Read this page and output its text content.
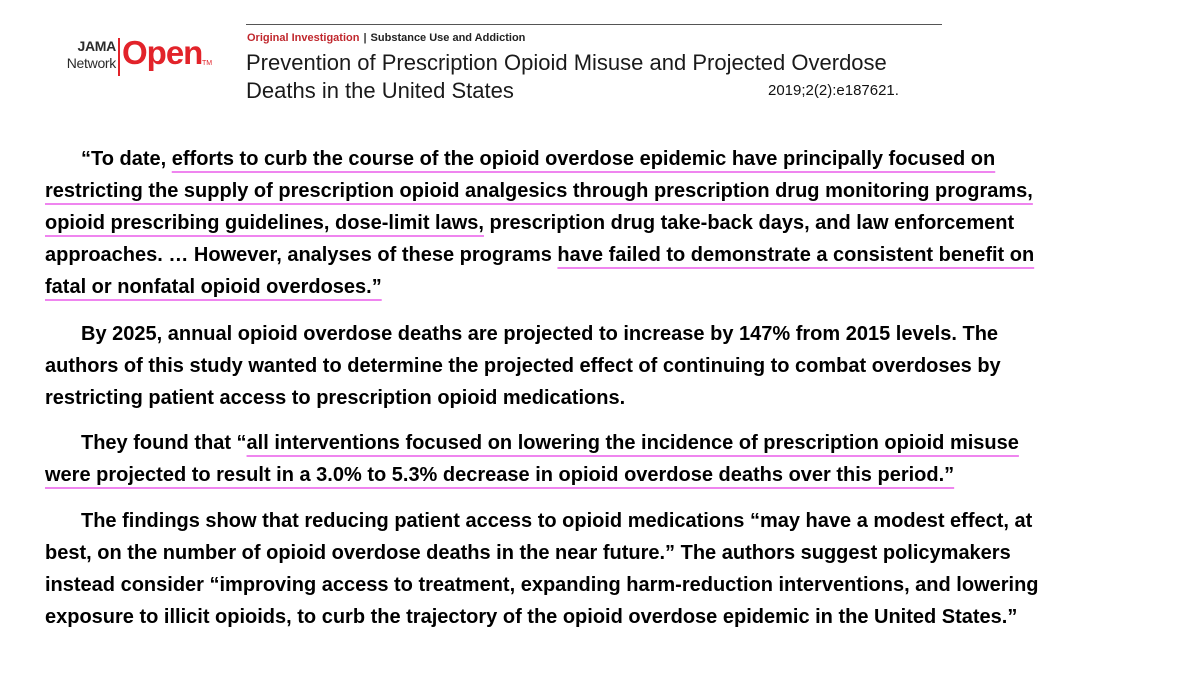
JAMA
Network Open TM
Original Investigation | Substance Use and Addiction
Prevention of Prescription Opioid Misuse and Projected Overdose
Deaths in the United States	2019;2(2):e187621.
“To date, efforts to curb the course of the opioid overdose epidemic have principally focused on
restricting the supply of prescription opioid analgesics through prescription drug monitoring programs,
opioid prescribing guidelines, dose-limit laws, prescription drug take-back days, and law enforcement
approaches. … However, analyses of these programs have failed to demonstrate a consistent benefit on
fatal or nonfatal opioid overdoses.”
By 2025, annual opioid overdose deaths are projected to increase by 147% from 2015 levels. The
authors of this study wanted to determine the projected effect of continuing to combat overdoses by
restricting patient access to prescription opioid medications.
They found that “all interventions focused on lowering the incidence of prescription opioid misuse
were projected to result in a 3.0% to 5.3% decrease in opioid overdose deaths over this period.”
The findings show that reducing patient access to opioid medications “may have a modest effect, at
best, on the number of opioid overdose deaths in the near future.” The authors suggest policymakers
instead consider “improving access to treatment, expanding harm-reduction interventions, and lowering
exposure to illicit opioids, to curb the trajectory of the opioid overdose epidemic in the United States.”
